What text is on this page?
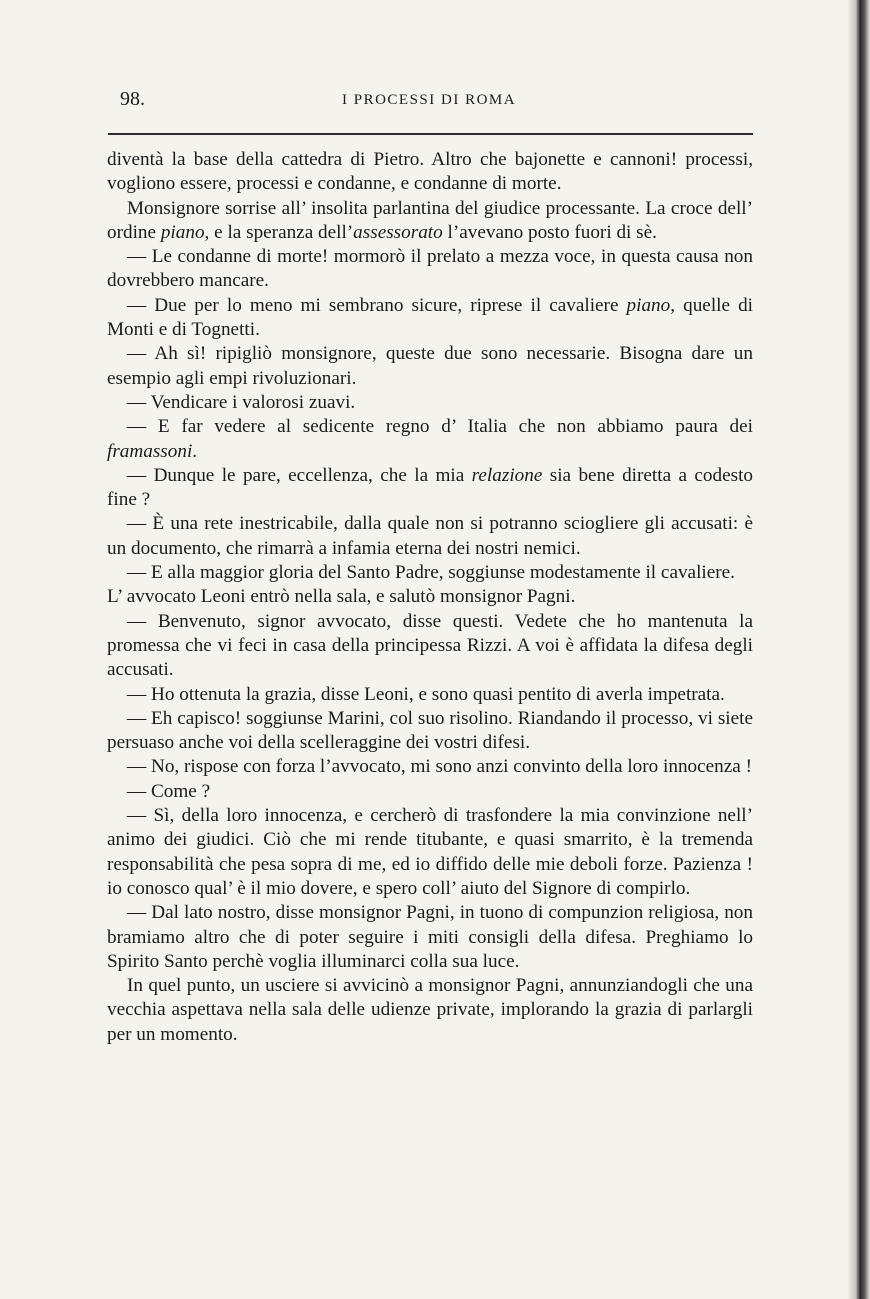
98.	I PROCESSI DI ROMA

diventà la base della cattedra di Pietro. Altro che bajonette e cannoni! processi, vogliono essere, processi e condanne, e condanne di morte.

Monsignore sorrise all’ insolita parlantina del giudice processante. La croce dell’ ordine piano, e la speranza dell’assessorato l’avevano posto fuori di sè.

— Le condanne di morte! mormorò il prelato a mezza voce, in questa causa non dovrebbero mancare.

— Due per lo meno mi sembrano sicure, riprese il cavaliere piano, quelle di Monti e di Tognetti.

— Ah sì! ripigliò monsignore, queste due sono necessarie. Bisogna dare un esempio agli empi rivoluzionari.

— Vendicare i valorosi zuavi.

— E far vedere al sedicente regno d’ Italia che non abbiamo paura dei framassoni.

— Dunque le pare, eccellenza, che la mia relazione sia bene diretta a codesto fine ?

— È una rete inestricabile, dalla quale non si potranno sciogliere gli accusati: è un documento, che rimarrà a infamia eterna dei nostri nemici.

— E alla maggior gloria del Santo Padre, soggiunse modestamente il cavaliere.

L’ avvocato Leoni entrò nella sala, e salutò monsignor Pagni.

— Benvenuto, signor avvocato, disse questi. Vedete che ho mantenuta la promessa che vi feci in casa della principessa Rizzi. A voi è affidata la difesa degli accusati.

— Ho ottenuta la grazia, disse Leoni, e sono quasi pentito di averla impetrata.

— Eh capisco! soggiunse Marini, col suo risolino. Riandando il processo, vi siete persuaso anche voi della scelleraggine dei vostri difesi.

— No, rispose con forza l’avvocato, mi sono anzi convinto della loro innocenza !

— Come ?

— Sì, della loro innocenza, e cercherò di trasfondere la mia convinzione nell’ animo dei giudici. Ciò che mi rende titubante, e quasi smarrito, è la tremenda responsabilità che pesa sopra di me, ed io diffido delle mie deboli forze. Pazienza ! io conosco qual’ è il mio dovere, e spero coll’ aiuto del Signore di compirlo.

— Dal lato nostro, disse monsignor Pagni, in tuono di compunzion religiosa, non bramiamo altro che di poter seguire i miti consigli della difesa. Preghiamo lo Spirito Santo perchè voglia illuminarci colla sua luce.

In quel punto, un usciere si avvicinò a monsignor Pagni, annunziandogli che una vecchia aspettava nella sala delle udienze private, implorando la grazia di parlargli per un momento.
